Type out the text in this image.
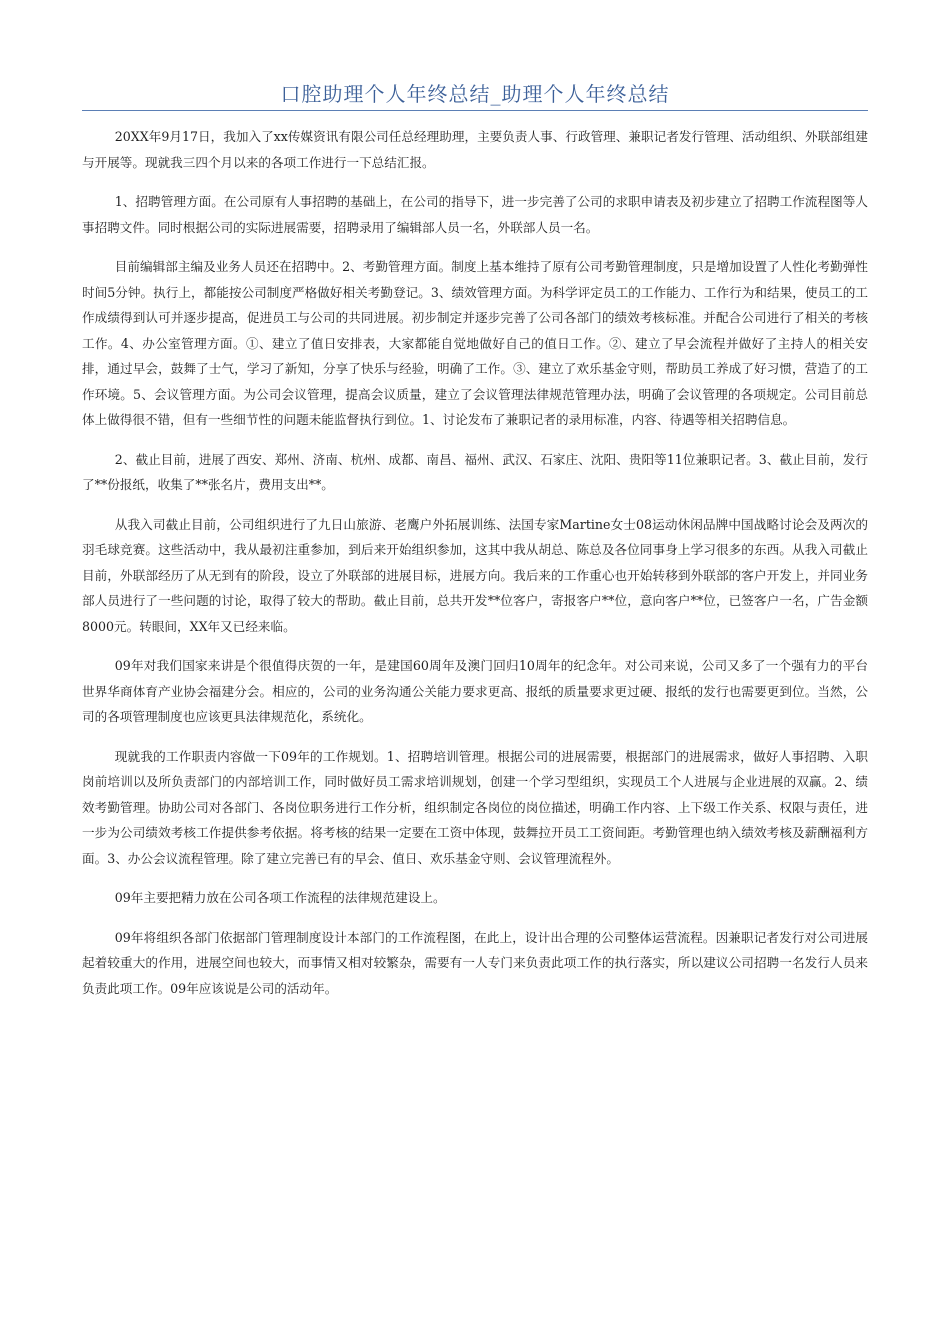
口腔助理个人年终总结_助理个人年终总结

20XX年9月17日，我加入了xx传媒资讯有限公司任总经理助理，主要负责人事、行政管理、兼职记者发行管理、活动组织、外联部组建与开展等。现就我三四个月以来的各项工作进行一下总结汇报。

1、招聘管理方面。在公司原有人事招聘的基础上，在公司的指导下，进一步完善了公司的求职申请表及初步建立了招聘工作流程图等人事招聘文件。同时根据公司的实际进展需要，招聘录用了编辑部人员一名，外联部人员一名。

目前编辑部主编及业务人员还在招聘中。2、考勤管理方面。制度上基本维持了原有公司考勤管理制度，只是增加设置了人性化考勤弹性时间5分钟。执行上，都能按公司制度严格做好相关考勤登记。3、绩效管理方面。为科学评定员工的工作能力、工作行为和结果，使员工的工作成绩得到认可并逐步提高，促进员工与公司的共同进展。初步制定并逐步完善了公司各部门的绩效考核标准。并配合公司进行了相关的考核工作。4、办公室管理方面。①、建立了值日安排表，大家都能自觉地做好自己的值日工作。②、建立了早会流程并做好了主持人的相关安排，通过早会，鼓舞了士气，学习了新知，分享了快乐与经验，明确了工作。③、建立了欢乐基金守则，帮助员工养成了好习惯，营造了的工作环境。5、会议管理方面。为公司会议管理，提高会议质量，建立了会议管理法律规范管理办法，明确了会议管理的各项规定。公司目前总体上做得很不错，但有一些细节性的问题未能监督执行到位。1、讨论发布了兼职记者的录用标准，内容、待遇等相关招聘信息。

2、截止目前，进展了西安、郑州、济南、杭州、成都、南昌、福州、武汉、石家庄、沈阳、贵阳等11位兼职记者。3、截止目前，发行了**份报纸，收集了**张名片，费用支出**。

从我入司截止目前，公司组织进行了九日山旅游、老鹰户外拓展训练、法国专家Martine女士08运动休闲品牌中国战略讨论会及两次的羽毛球竞赛。这些活动中，我从最初注重参加，到后来开始组织参加，这其中我从胡总、陈总及各位同事身上学习很多的东西。从我入司截止目前，外联部经历了从无到有的阶段，设立了外联部的进展目标，进展方向。我后来的工作重心也开始转移到外联部的客户开发上，并同业务部人员进行了一些问题的讨论，取得了较大的帮助。截止目前，总共开发**位客户，寄报客户**位，意向客户**位，已签客户一名，广告金额8000元。转眼间，XX年又已经来临。

09年对我们国家来讲是个很值得庆贺的一年，是建国60周年及澳门回归10周年的纪念年。对公司来说，公司又多了一个强有力的平台世界华商体育产业协会福建分会。相应的，公司的业务沟通公关能力要求更高、报纸的质量要求更过硬、报纸的发行也需要更到位。当然，公司的各项管理制度也应该更具法律规范化，系统化。

现就我的工作职责内容做一下09年的工作规划。1、招聘培训管理。根据公司的进展需要，根据部门的进展需求，做好人事招聘、入职岗前培训以及所负责部门的内部培训工作，同时做好员工需求培训规划，创建一个学习型组织，实现员工个人进展与企业进展的双赢。2、绩效考勤管理。协助公司对各部门、各岗位职务进行工作分析，组织制定各岗位的岗位描述，明确工作内容、上下级工作关系、权限与责任，进一步为公司绩效考核工作提供参考依据。将考核的结果一定要在工资中体现，鼓舞拉开员工工资间距。考勤管理也纳入绩效考核及薪酬福利方面。3、办公会议流程管理。除了建立完善已有的早会、值日、欢乐基金守则、会议管理流程外。

09年主要把精力放在公司各项工作流程的法律规范建设上。

09年将组织各部门依据部门管理制度设计本部门的工作流程图，在此上，设计出合理的公司整体运营流程。因兼职记者发行对公司进展起着较重大的作用，进展空间也较大，而事情又相对较繁杂，需要有一人专门来负责此项工作的执行落实，所以建议公司招聘一名发行人员来负责此项工作。09年应该说是公司的活动年。
